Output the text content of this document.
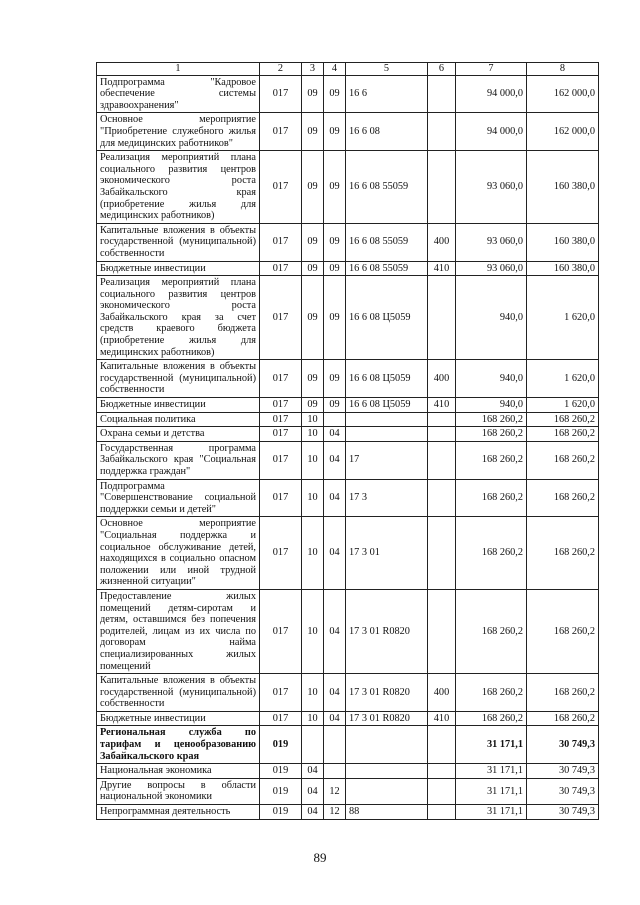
1	2	3	4	5	6	7	8
Подпрограмма "Кадровое обеспечение системы здравоохранения"	017	09	09	16 6		94 000,0	162 000,0
Основное мероприятие "Приобретение служебного жилья для медицинских работников"	017	09	09	16 6 08		94 000,0	162 000,0
Реализация мероприятий плана социального развития центров экономического роста Забайкальского края (приобретение жилья для медицинских работников)	017	09	09	16 6 08 55059		93 060,0	160 380,0
Капитальные вложения в объекты государственной (муниципальной) собственности	017	09	09	16 6 08 55059	400	93 060,0	160 380,0
Бюджетные инвестиции	017	09	09	16 6 08 55059	410	93 060,0	160 380,0
Реализация мероприятий плана социального развития центров экономического роста Забайкальского края за счет средств краевого бюджета (приобретение жилья для медицинских работников)	017	09	09	16 6 08 Ц5059		940,0	1 620,0
Капитальные вложения в объекты государственной (муниципальной) собственности	017	09	09	16 6 08 Ц5059	400	940,0	1 620,0
Бюджетные инвестиции	017	09	09	16 6 08 Ц5059	410	940,0	1 620,0
Социальная политика	017	10				168 260,2	168 260,2
Охрана семьи и детства	017	10	04			168 260,2	168 260,2
Государственная программа Забайкальского края "Социальная поддержка граждан"	017	10	04	17		168 260,2	168 260,2
Подпрограмма "Совершенствование социальной поддержки семьи и детей"	017	10	04	17 3		168 260,2	168 260,2
Основное мероприятие "Социальная поддержка и социальное обслуживание детей, находящихся в социально опасном положении или иной трудной жизненной ситуации"	017	10	04	17 3 01		168 260,2	168 260,2
Предоставление жилых помещений детям-сиротам и детям, оставшимся без попечения родителей, лицам из их числа по договорам найма специализированных жилых помещений	017	10	04	17 3 01 R0820		168 260,2	168 260,2
Капитальные вложения в объекты государственной (муниципальной) собственности	017	10	04	17 3 01 R0820	400	168 260,2	168 260,2
Бюджетные инвестиции	017	10	04	17 3 01 R0820	410	168 260,2	168 260,2
Региональная служба по тарифам и ценообразованию Забайкальского края	019					31 171,1	30 749,3
Национальная экономика	019	04				31 171,1	30 749,3
Другие вопросы в области национальной экономики	019	04	12			31 171,1	30 749,3
Непрограммная деятельность	019	04	12	88		31 171,1	30 749,3
89
